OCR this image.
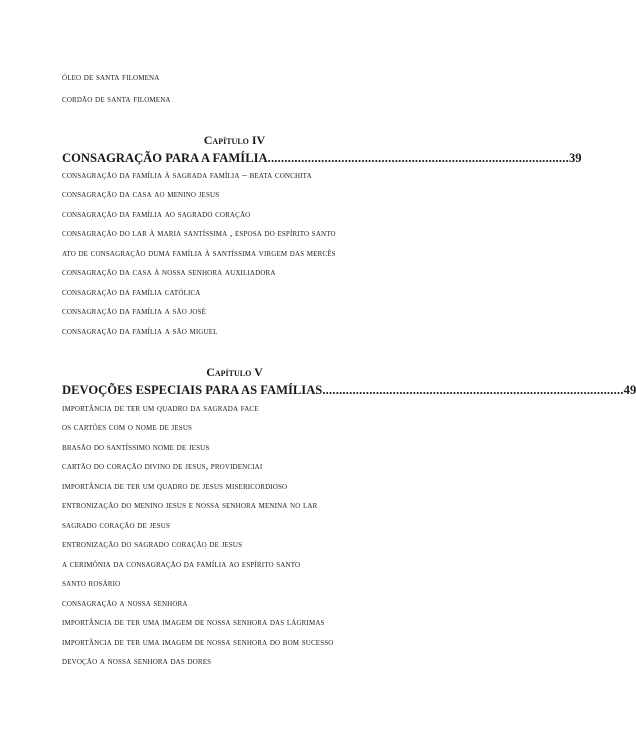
óleo de santa filomena
cordão de santa filomena
Capítulo IV
CONSAGRAÇÃO PARA A FAMÍLIA .......................................................................................... 39
consagração da família à sagrada família – beata conchita
consagração da casa ao menino jesus
consagração da família ao sagrado coração
consagração do lar à maria santíssima , esposa do espírito santo
ato de consagração duma família à santíssima virgem das mercês
consagração da casa à nossa senhora auxiliadora
consagração da família católica
consagração da família a são josé
consagração da família a são miguel
Capítulo V
DEVOÇÕES ESPECIAIS PARA AS FAMÍLIAS .......................................................................................... 49
importância de ter um quadro da sagrada face
os cartões com o nome de jesus
brasão do santíssimo nome de jesus
cartão do coração divino de jesus, providenciai
importância de ter um quadro de jesus misericordioso
entronização do menino jesus e nossa senhora menina no lar
sagrado coração de jesus
entronização do sagrado coração de jesus
a cerimônia da consagração da família ao espírito santo
santo rosário
consagração a nossa senhora
importância de ter uma imagem de nossa senhora das lágrimas
importância de ter uma imagem de nossa senhora do bom sucesso
devoção a nossa senhora das dores
